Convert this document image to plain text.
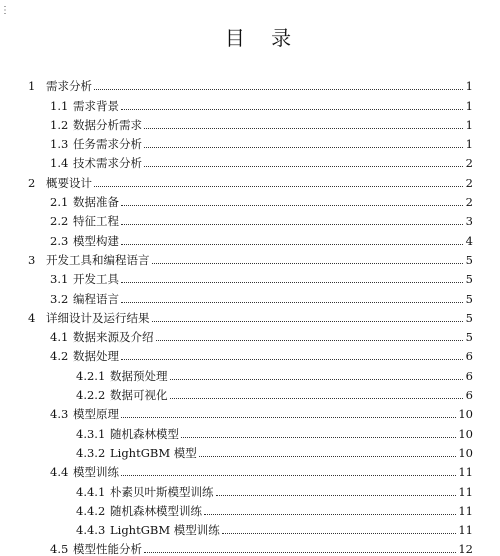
⋮
目 录
1 需求分析	1
1.1 需求背景	1
1.2 数据分析需求	1
1.3 任务需求分析	1
1.4 技术需求分析	2
2 概要设计	2
2.1 数据准备	2
2.2 特征工程	3
2.3 模型构建	4
3 开发工具和编程语言	5
3.1 开发工具	5
3.2 编程语言	5
4 详细设计及运行结果	5
4.1 数据来源及介绍	5
4.2 数据处理	6
4.2.1 数据预处理	6
4.2.2 数据可视化	6
4.3 模型原理	10
4.3.1 随机森林模型	10
4.3.2 LightGBM 模型	10
4.4 模型训练	11
4.4.1 朴素贝叶斯模型训练	11
4.4.2 随机森林模型训练	11
4.4.3 LightGBM 模型训练	11
4.5 模型性能分析	12
